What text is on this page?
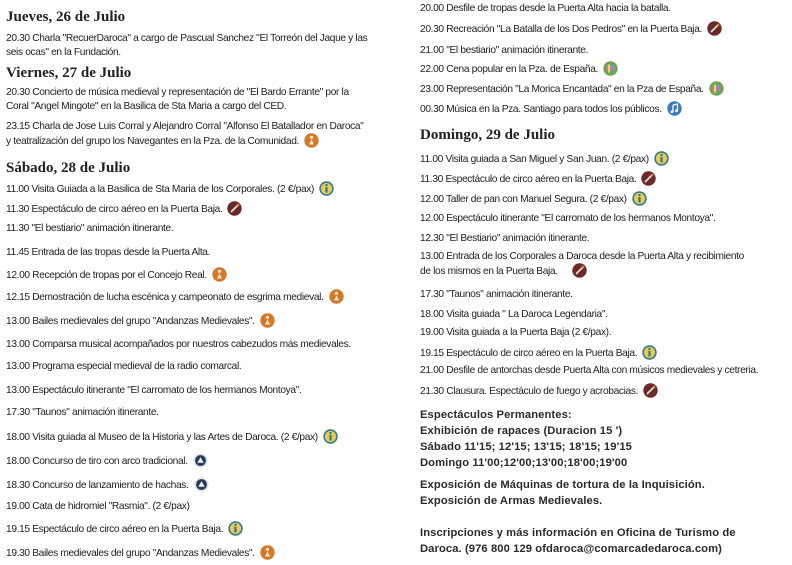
Jueves, 26 de Julio
20.30 Charla "RecuerDaroca" a cargo de Pascual Sanchez "El Torreón del Jaque y las
seis ocas" en la Fundación.
Viernes, 27 de Julio
20.30 Concierto de música medieval y representación de "El Bardo Errante" por la
Coral "Angel Mingote" en la Basilica de Sta Maria a cargo del CED.
23.15 Charla de Jose Luis Corral y Alejandro Corral "Alfonso El Batallador en Daroca"
y teatralización del grupo los Navegantes en la Pza. de la Comunidad.
Sábado, 28 de Julio
11.00 Visita Guiada a la Basilica de Sta Maria de los Corporales. (2 €/pax)
11.30 Espectáculo de circo aéreo en la Puerta Baja.
11.30 "El bestiario" animación itinerante.
11.45 Entrada de las tropas desde la Puerta Alta.
12.00 Recepción de tropas por el Concejo Real.
12.15 Demostración de lucha escénica y campeonato de esgrima medieval.
13.00 Bailes medievales del grupo "Andanzas Medievales".
13.00 Comparsa musical acompañados por nuestros cabezudos más medievales.
13.00 Programa especial medieval de la radio comarcal.
13.00 Espectáculo itinerante "El carromato de los hermanos Montoya".
17.30 "Taunos" animación itinerante.
18.00 Visita guiada al Museo de la Historia y las Artes de Daroca. (2 €/pax)
18.00 Concurso de tiro con arco tradicional.
18.30 Concurso de lanzamiento de hachas.
19.00 Cata de hidromiel "Rasmia". (2 €/pax)
19.15 Espectáculo de circo aéreo en la Puerta Baja.
19.30 Bailes medievales del grupo "Andanzas Medievales".
20.00 Desfile de tropas desde la Puerta Alta hacia la batalla.
20.30 Recreación "La Batalla de los Dos Pedros" en la Puerta Baja.
21.00 "El bestiario" animación itinerante.
22.00 Cena popular en la Pza. de España.
23.00 Representación "La Morica Encantada" en la Pza de España.
00.30 Música en la Pza. Santiago para todos los públicos.
Domingo, 29 de Julio
11.00 Visita guiada a San Miguel y San Juan. (2 €/pax)
11.30 Espectáculo de circo aéreo en la Puerta Baja.
12.00 Taller de pan con Manuel Segura. (2 €/pax)
12.00 Espectáculo itinerante "El carromato de los hermanos Montoya".
12.30 "El Bestiario" animación itinerante.
13.00 Entrada de los Corporales a Daroca desde la Puerta Alta y recibimiento
de los mismos en la Puerta Baja.
17.30 "Taunos" animación itinerante.
18.00 Visita guiada " La Daroca Legendaria".
19.00 Visita guiada a la Puerta Baja (2 €/pax).
19.15 Espectáculo de circo aéreo en la Puerta Baja.
21.00 Desfile de antorchas desde Puerta Alta con músicos medievales y cetreria.
21.30 Clausura. Espectáculo de fuego y acrobacias.
Espectáculos Permanentes:
Exhibición de rapaces (Duracion 15 ')
Sábado 11'15; 12'15; 13'15; 18'15; 19'15
Domingo 11'00;12'00;13'00;18'00;19'00
Exposición de Máquinas de tortura de la Inquisición.
Exposición de Armas Medievales.
Inscripciones y más información en Oficina de Turismo de
Daroca. (976 800 129 ofdaroca@comarcadedaroca.com)
